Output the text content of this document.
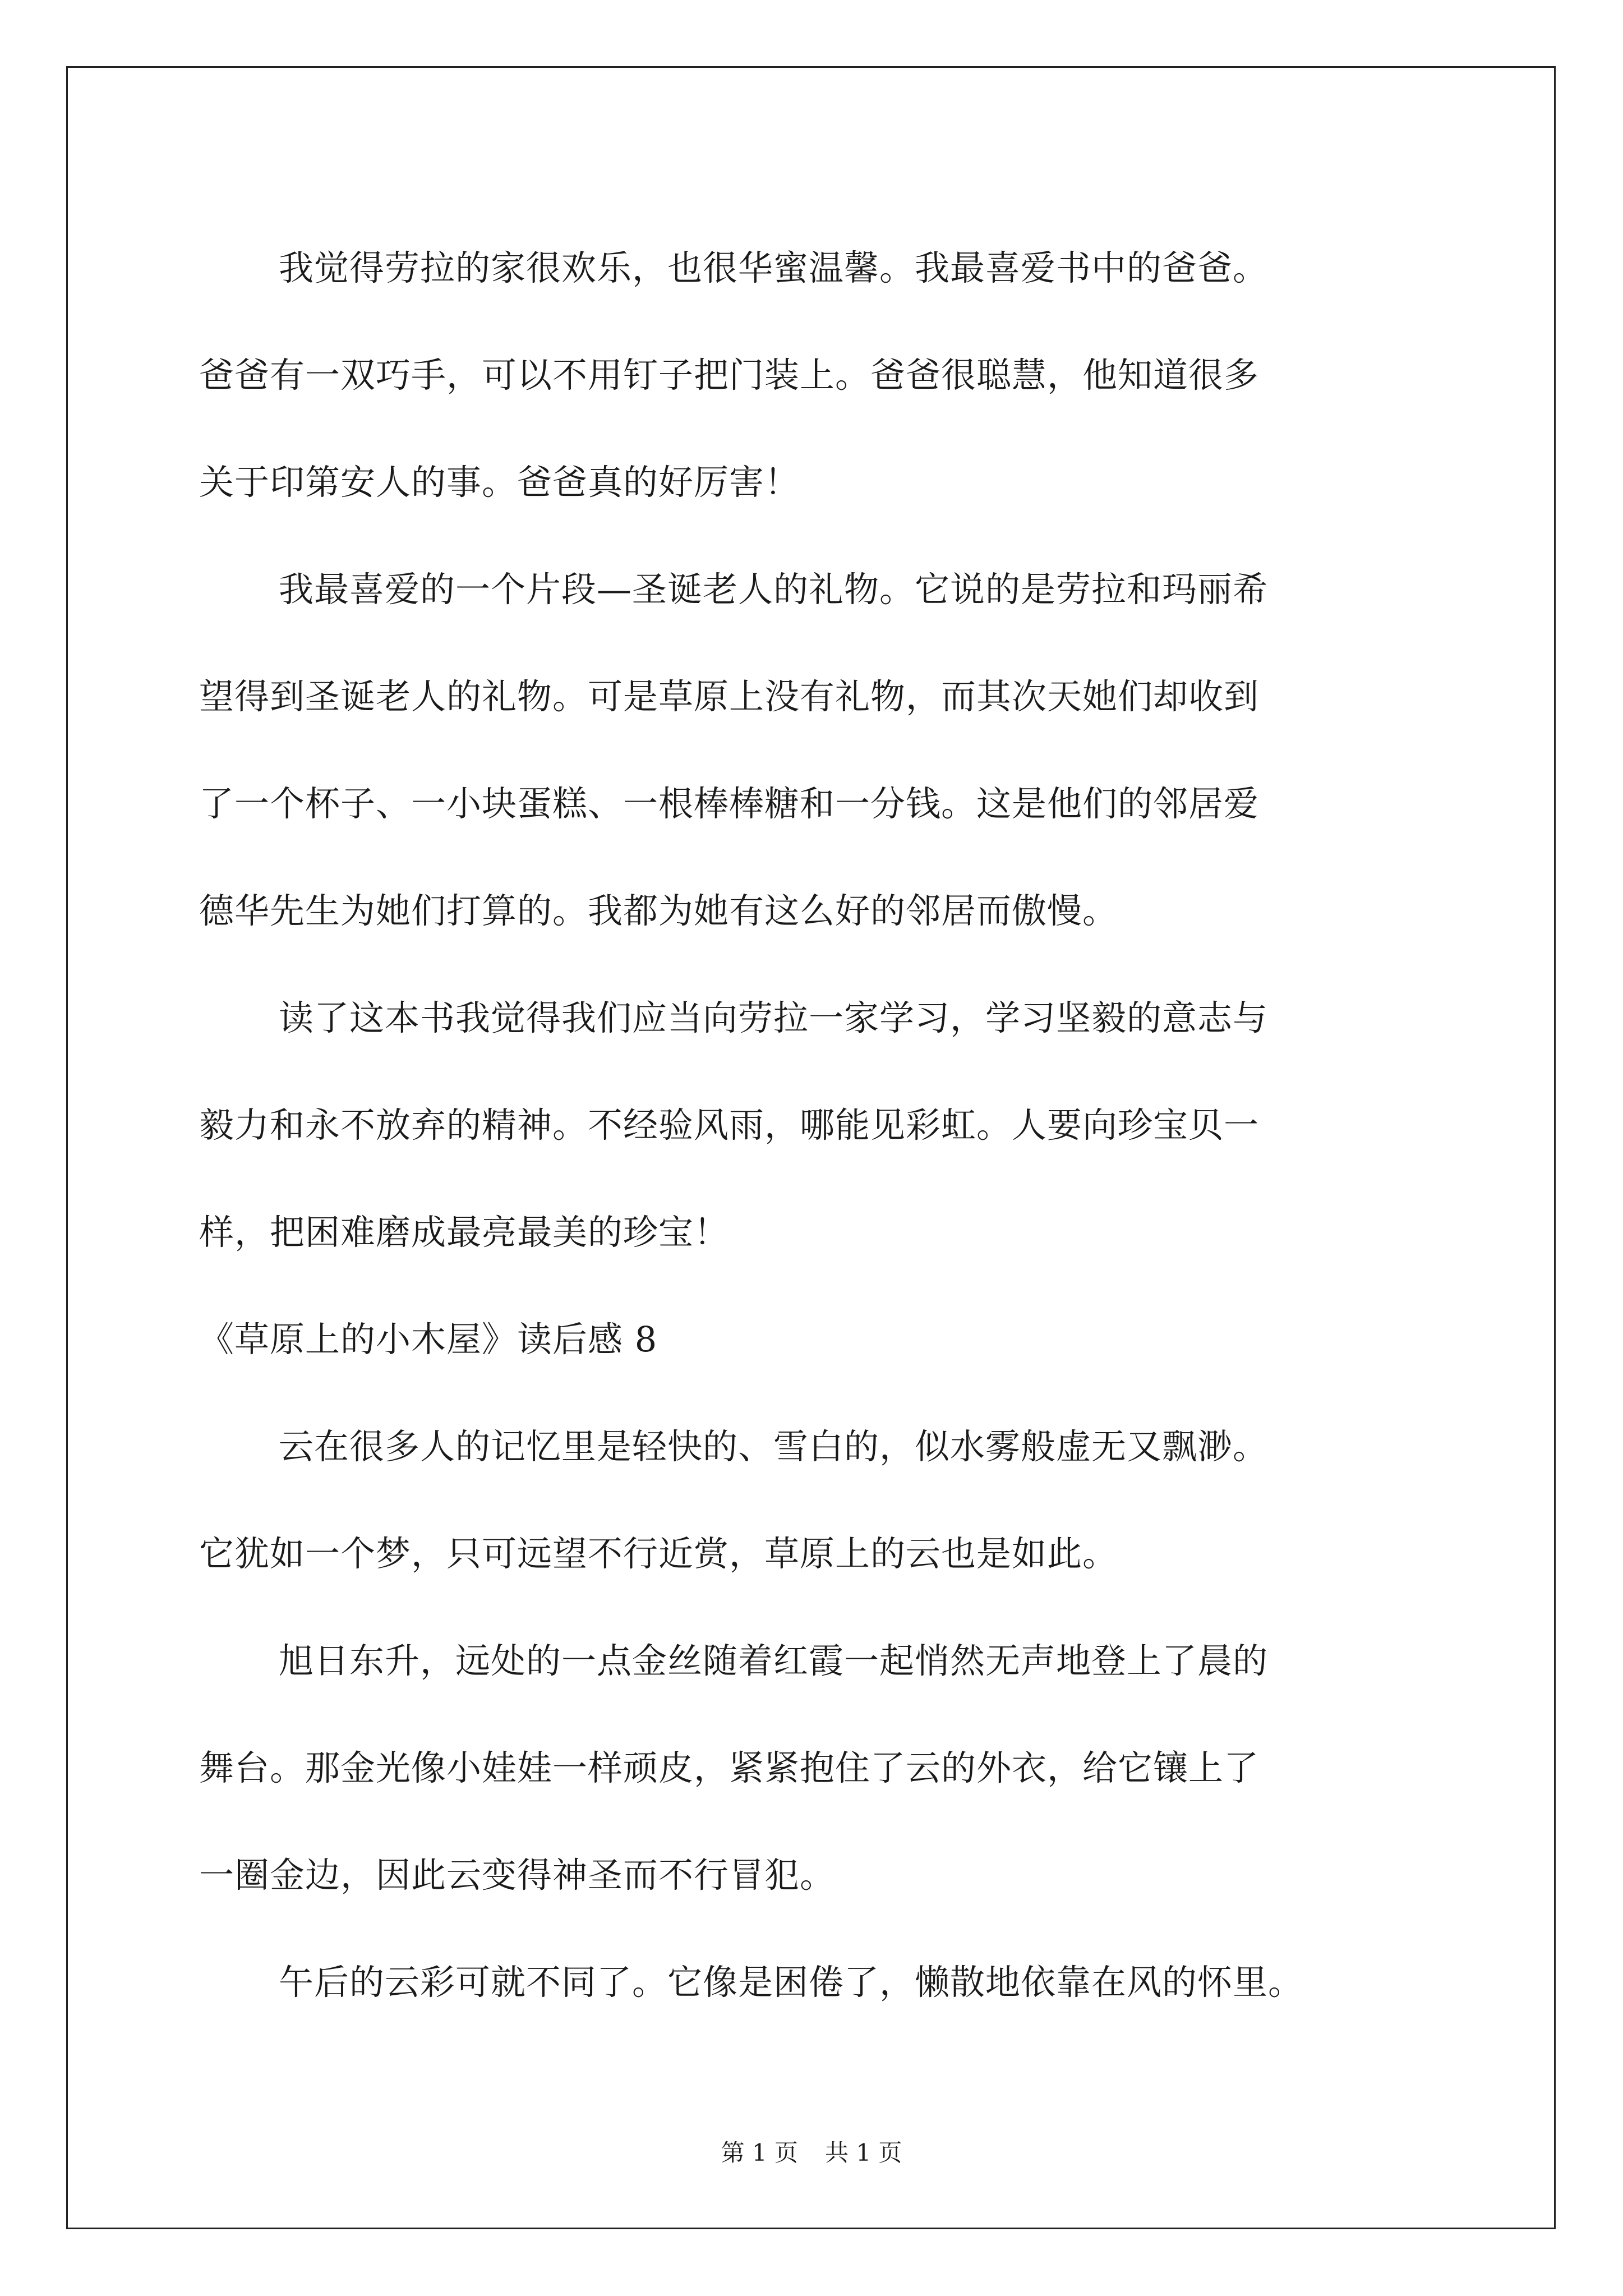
我觉得劳拉的家很欢乐，也很华蜜温馨。我最喜爱书中的爸爸。
爸爸有一双巧手，可以不用钉子把门装上。爸爸很聪慧，他知道很多
关于印第安人的事。爸爸真的好厉害！
我最喜爱的一个片段—圣诞老人的礼物。它说的是劳拉和玛丽希
望得到圣诞老人的礼物。可是草原上没有礼物，而其次天她们却收到
了一个杯子、一小块蛋糕、一根棒棒糖和一分钱。这是他们的邻居爱
德华先生为她们打算的。我都为她有这么好的邻居而傲慢。
读了这本书我觉得我们应当向劳拉一家学习，学习坚毅的意志与
毅力和永不放弃的精神。不经验风雨，哪能见彩虹。人要向珍宝贝一
样，把困难磨成最亮最美的珍宝！
《草原上的小木屋》读后感 8
云在很多人的记忆里是轻快的、雪白的，似水雾般虚无又飘渺。
它犹如一个梦，只可远望不行近赏，草原上的云也是如此。
旭日东升，远处的一点金丝随着红霞一起悄然无声地登上了晨的
舞台。那金光像小娃娃一样顽皮，紧紧抱住了云的外衣，给它镶上了
一圈金边，因此云变得神圣而不行冒犯。
午后的云彩可就不同了。它像是困倦了，懒散地依靠在风的怀里。
第 1 页 共 1 页
